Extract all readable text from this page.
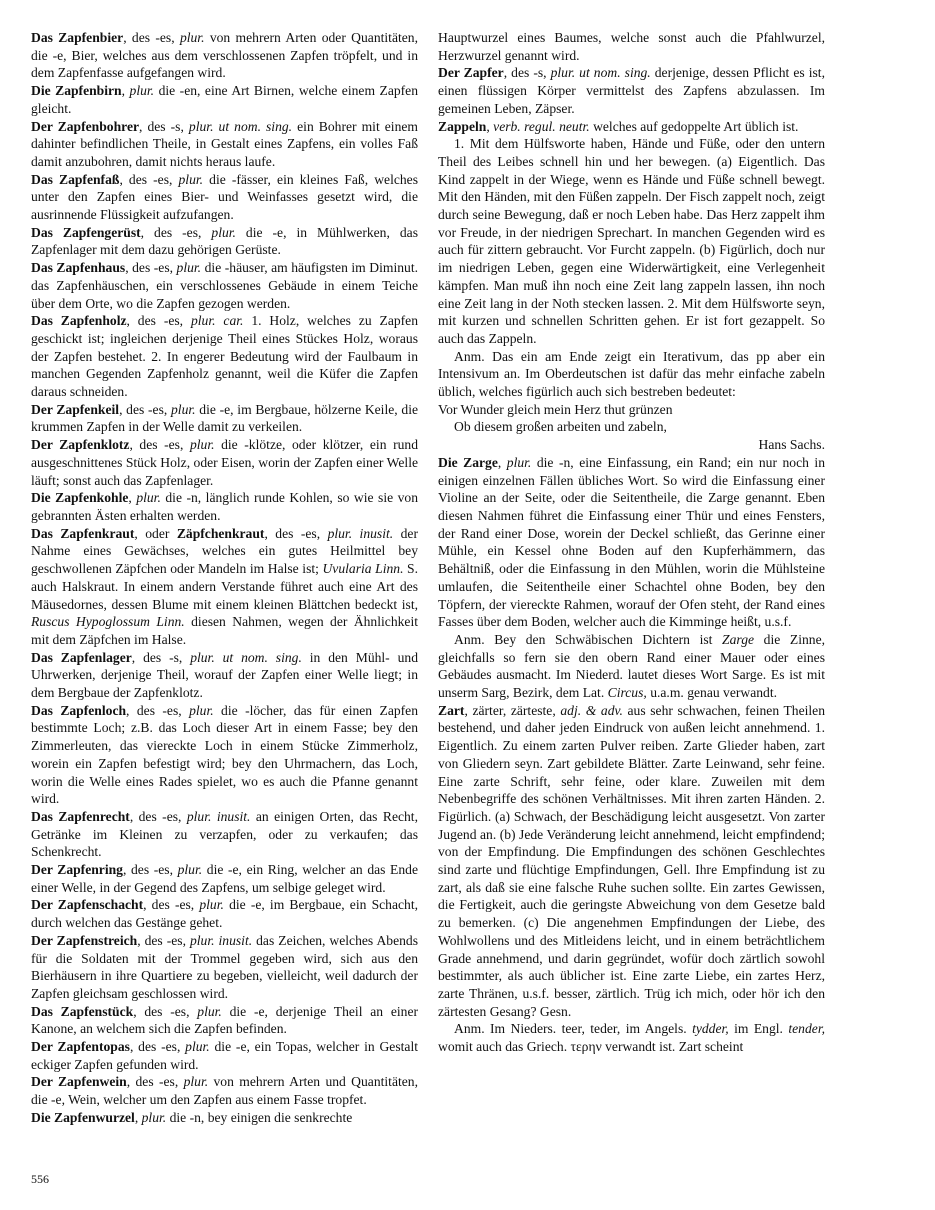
Das Zapfenbier, des -es, plur. von mehrern Arten oder Quantitäten, die -e, Bier, welches aus dem verschlossenen Zapfen tröpfelt, und in dem Zapfenfasse aufgefangen wird.

Die Zapfenbirn, plur. die -en, eine Art Birnen, welche einem Zapfen gleicht.

Der Zapfenbohrer, des -s, plur. ut nom. sing. ein Bohrer mit einem dahinter befindlichen Theile, in Gestalt eines Zapfens, ein volles Faß damit anzubohren, damit nichts heraus laufe.

Das Zapfenfaß, des -es, plur. die -fässer, ein kleines Faß, welches unter den Zapfen eines Bier- und Weinfasses gesetzt wird, die ausrinnende Flüssigkeit aufzufangen.

Das Zapfengerüst, des -es, plur. die -e, in Mühlwerken, das Zapfenlager mit dem dazu gehörigen Gerüste.

Das Zapfenhaus, des -es, plur. die -häuser, am häufigsten im Diminut. das Zapfenhäuschen, ein verschlossenes Gebäude in einem Teiche über dem Orte, wo die Zapfen gezogen werden.

Das Zapfenholz, des -es, plur. car. 1. Holz, welches zu Zapfen geschickt ist; ingleichen derjenige Theil eines Stückes Holz, woraus der Zapfen bestehet. 2. In engerer Bedeutung wird der Faulbaum in manchen Gegenden Zapfenholz genannt, weil die Küfer die Zapfen daraus schneiden.

Der Zapfenkeil, des -es, plur. die -e, im Bergbaue, hölzerne Keile, die krummen Zapfen in der Welle damit zu verkeilen.

Der Zapfenklotz, des -es, plur. die -klötze, oder klötzer, ein rund ausgeschnittenes Stück Holz, oder Eisen, worin der Zapfen einer Welle läuft; sonst auch das Zapfenlager.

Die Zapfenkohle, plur. die -n, länglich runde Kohlen, so wie sie von gebrannten Ästen erhalten werden.

Das Zapfenkraut, oder Zäpfchenkraut, des -es, plur. inusit. der Nahme eines Gewächses, welches ein gutes Heilmittel bey geschwollenen Zäpfchen oder Mandeln im Halse ist; Uvularia Linn. S. auch Halskraut. In einem andern Verstande führet auch eine Art des Mäusedornes, dessen Blume mit einem kleinen Blättchen bedeckt ist, Ruscus Hypoglossum Linn. diesen Nahmen, wegen der Ähnlichkeit mit dem Zäpfchen im Halse.

Das Zapfenlager, des -s, plur. ut nom. sing. in den Mühl- und Uhrwerken, derjenige Theil, worauf der Zapfen einer Welle liegt; in dem Bergbaue der Zapfenklotz.

Das Zapfenloch, des -es, plur. die -löcher, das für einen Zapfen bestimmte Loch; z.B. das Loch dieser Art in einem Fasse; bey den Zimmerleuten, das viereckte Loch in einem Stücke Zimmerholz, worein ein Zapfen befestigt wird; bey den Uhrmachern, das Loch, worin die Welle eines Rades spielet, wo es auch die Pfanne genannt wird.

Das Zapfenrecht, des -es, plur. inusit. an einigen Orten, das Recht, Getränke im Kleinen zu verzapfen, oder zu verkaufen; das Schenkrecht.

Der Zapfenring, des -es, plur. die -e, ein Ring, welcher an das Ende einer Welle, in der Gegend des Zapfens, um selbige geleget wird.

Der Zapfenschacht, des -es, plur. die -e, im Bergbaue, ein Schacht, durch welchen das Gestänge gehet.

Der Zapfenstreich, des -es, plur. inusit. das Zeichen, welches Abends für die Soldaten mit der Trommel gegeben wird, sich aus den Bierhäusern in ihre Quartiere zu begeben, vielleicht, weil dadurch der Zapfen gleichsam geschlossen wird.

Das Zapfenstück, des -es, plur. die -e, derjenige Theil an einer Kanone, an welchem sich die Zapfen befinden.

Der Zapfentopas, des -es, plur. die -e, ein Topas, welcher in Gestalt eckiger Zapfen gefunden wird.

Der Zapfenwein, des -es, plur. von mehrern Arten und Quantitäten, die -e, Wein, welcher um den Zapfen aus einem Fasse tropfet.

Die Zapfenwurzel, plur. die -n, bey einigen die senkrechte

Hauptwurzel eines Baumes, welche sonst auch die Pfahlwurzel, Herzwurzel genannt wird.

Der Zapfer, des -s, plur. ut nom. sing. derjenige, dessen Pflicht es ist, einen flüssigen Körper vermittelst des Zapfens abzulassen. Im gemeinen Leben, Zäpser.

Zappeln, verb. regul. neutr. welches auf gedoppelte Art üblich ist.

1. Mit dem Hülfsworte haben, Hände und Füße, oder den untern Theil des Leibes schnell hin und her bewegen. (a) Eigentlich. Das Kind zappelt in der Wiege, wenn es Hände und Füße schnell bewegt. Mit den Händen, mit den Füßen zappeln. Der Fisch zappelt noch, zeigt durch seine Bewegung, daß er noch Leben habe. Das Herz zappelt ihm vor Freude, in der niedrigen Sprechart. In manchen Gegenden wird es auch für zittern gebraucht. Vor Furcht zappeln. (b) Figürlich, doch nur im niedrigen Leben, gegen eine Widerwärtigkeit, eine Verlegenheit kämpfen. Man muß ihn noch eine Zeit lang zappeln lassen, ihn noch eine Zeit lang in der Noth stecken lassen. 2. Mit dem Hülfsworte seyn, mit kurzen und schnellen Schritten gehen. Er ist fort gezappelt. So auch das Zappeln.

Anm. Das ein am Ende zeigt ein Iterativum, das pp aber ein Intensivum an. Im Oberdeutschen ist dafür das mehr einfache zabeln üblich, welches figürlich auch sich bestreben bedeutet:

Vor Wunder gleich mein Herz thut grünzen

Ob diesem großen arbeiten und zabeln,

Hans Sachs.

Die Zarge, plur. die -n, eine Einfassung, ein Rand; ein nur noch in einigen einzelnen Fällen übliches Wort. So wird die Einfassung einer Violine an der Seite, oder die Seitentheile, die Zarge genannt. Eben diesen Nahmen führet die Einfassung einer Thür und eines Fensters, der Rand einer Dose, worein der Deckel schließt, das Gerinne einer Mühle, ein Kessel ohne Boden auf den Kupferhämmern, das Behältniß, oder die Einfassung in den Mühlen, worin die Mühlsteine umlaufen, die Seitentheile einer Schachtel ohne Boden, bey den Töpfern, der viereckte Rahmen, worauf der Ofen steht, der Rand eines Fasses über dem Boden, welcher auch die Kimminge heißt, u.s.f.

Anm. Bey den Schwäbischen Dichtern ist Zarge die Zinne, gleichfalls so fern sie den obern Rand einer Mauer oder eines Gebäudes ausmacht. Im Niederd. lautet dieses Wort Sarge. Es ist mit unserm Sarg, Bezirk, dem Lat. Circus, u.a.m. genau verwandt.

Zart, zärter, zärteste, adj. & adv. aus sehr schwachen, feinen Theilen bestehend, und daher jeden Eindruck von außen leicht annehmend. 1. Eigentlich. Zu einem zarten Pulver reiben. Zarte Glieder haben, zart von Gliedern seyn. Zart gebildete Blätter. Zarte Leinwand, sehr feine. Eine zarte Schrift, sehr feine, oder klare. Zuweilen mit dem Nebenbegriffe des schönen Verhältnisses. Mit ihren zarten Händen. 2. Figürlich. (a) Schwach, der Beschädigung leicht ausgesetzt. Von zarter Jugend an. (b) Jede Veränderung leicht annehmend, leicht empfindend; von der Empfindung. Die Empfindungen des schönen Geschlechtes sind zarte und flüchtige Empfindungen, Gell. Ihre Empfindung ist zu zart, als daß sie eine falsche Ruhe suchen sollte. Ein zartes Gewissen, die Fertigkeit, auch die geringste Abweichung von dem Gesetze bald zu bemerken. (c) Die angenehmen Empfindungen der Liebe, des Wohlwollens und des Mitleidens leicht, und in einem beträchtlichem Grade annehmend, und darin gegründet, wofür doch zärtlich sowohl bestimmter, als auch üblicher ist. Eine zarte Liebe, ein zartes Herz, zarte Thränen, u.s.f. besser, zärtlich. Trüg ich mich, oder hör ich den zärtesten Gesang? Gesn.

Anm. Im Nieders. teer, teder, im Angels. tydder, im Engl. tender, womit auch das Griech. τερην verwandt ist. Zart scheint

556
